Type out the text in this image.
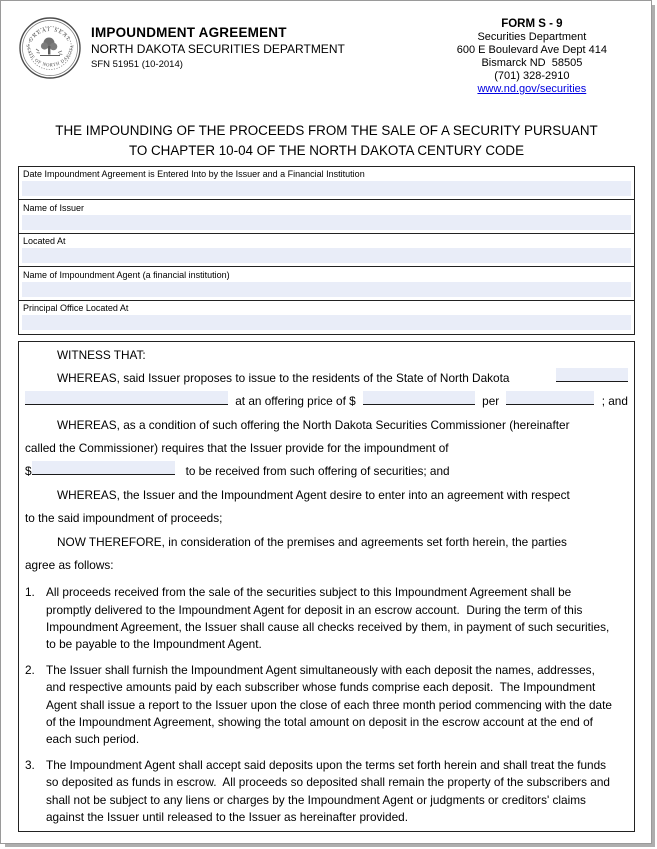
GREAT SEAL
STATE OF NORTH DAKOTA
IMPOUNDMENT AGREEMENT
NORTH DAKOTA SECURITIES DEPARTMENT
SFN 51951 (10-2014)
FORM S - 9
Securities Department
600 E Boulevard Ave Dept 414
Bismarck ND  58505
(701) 328-2910
www.nd.gov/securities
THE IMPOUNDING OF THE PROCEEDS FROM THE SALE OF A SECURITY PURSUANT
TO CHAPTER 10-04 OF THE NORTH DAKOTA CENTURY CODE
Date Impoundment Agreement is Entered Into by the Issuer and a Financial Institution
Name of Issuer
Located At
Name of Impoundment Agent (a financial institution)
Principal Office Located At
WITNESS THAT:
WHEREAS, said Issuer proposes to issue to the residents of the State of North Dakota
at an offering price of $	per	; and
WHEREAS, as a condition of such offering the North Dakota Securities Commissioner (hereinafter
called the Commissioner) requires that the Issuer provide for the impoundment of
$	to be received from such offering of securities; and
WHEREAS, the Issuer and the Impoundment Agent desire to enter into an agreement with respect
to the said impoundment of proceeds;
NOW THEREFORE, in consideration of the premises and agreements set forth herein, the parties
agree as follows:
1. All proceeds received from the sale of the securities subject to this Impoundment Agreement shall be promptly delivered to the Impoundment Agent for deposit in an escrow account.  During the term of this Impoundment Agreement, the Issuer shall cause all checks received by them, in payment of such securities, to be payable to the Impoundment Agent.
2. The Issuer shall furnish the Impoundment Agent simultaneously with each deposit the names, addresses, and respective amounts paid by each subscriber whose funds comprise each deposit.  The Impoundment Agent shall issue a report to the Issuer upon the close of each three month period commencing with the date of the Impoundment Agreement, showing the total amount on deposit in the escrow account at the end of each such period.
3. The Impoundment Agent shall accept said deposits upon the terms set forth herein and shall treat the funds so deposited as funds in escrow.  All proceeds so deposited shall remain the property of the subscribers and shall not be subject to any liens or charges by the Impoundment Agent or judgments or creditors' claims against the Issuer until released to the Issuer as hereinafter provided.
